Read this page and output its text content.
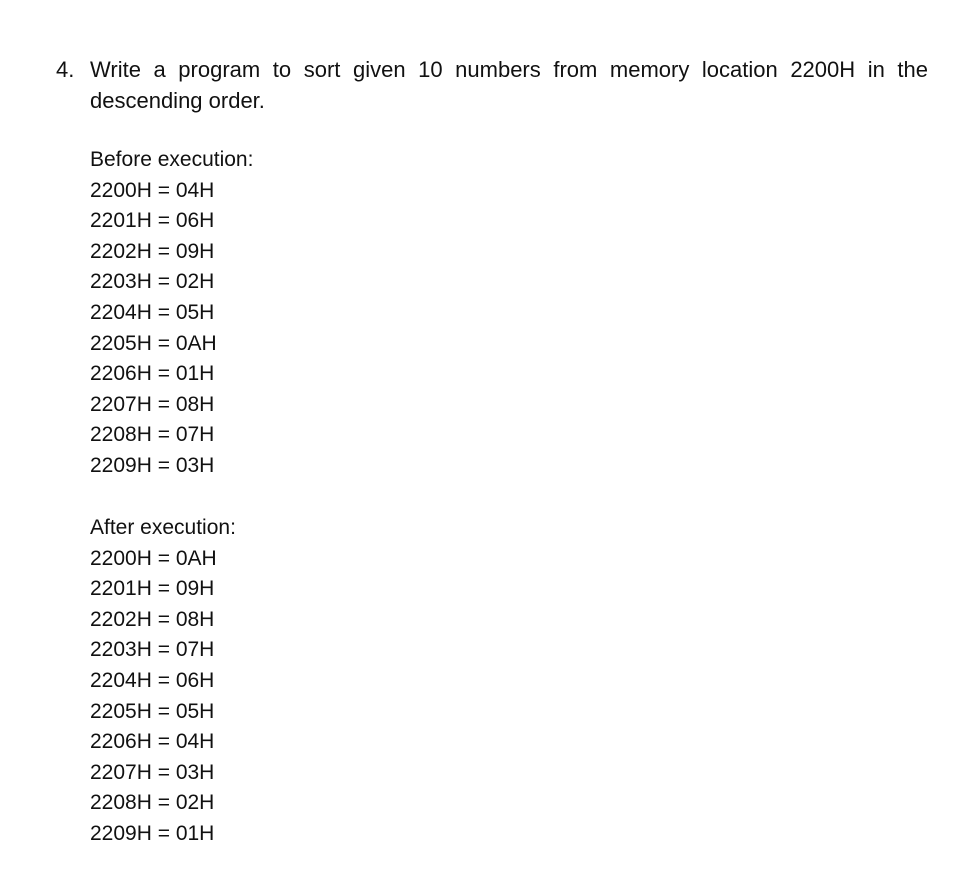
4. Write a program to sort given 10 numbers from memory location 2200H in the descending order.
Before execution:
2200H = 04H
2201H = 06H
2202H = 09H
2203H = 02H
2204H = 05H
2205H = 0AH
2206H = 01H
2207H = 08H
2208H = 07H
2209H = 03H
After execution:
2200H = 0AH
2201H = 09H
2202H = 08H
2203H = 07H
2204H = 06H
2205H = 05H
2206H = 04H
2207H = 03H
2208H = 02H
2209H = 01H
